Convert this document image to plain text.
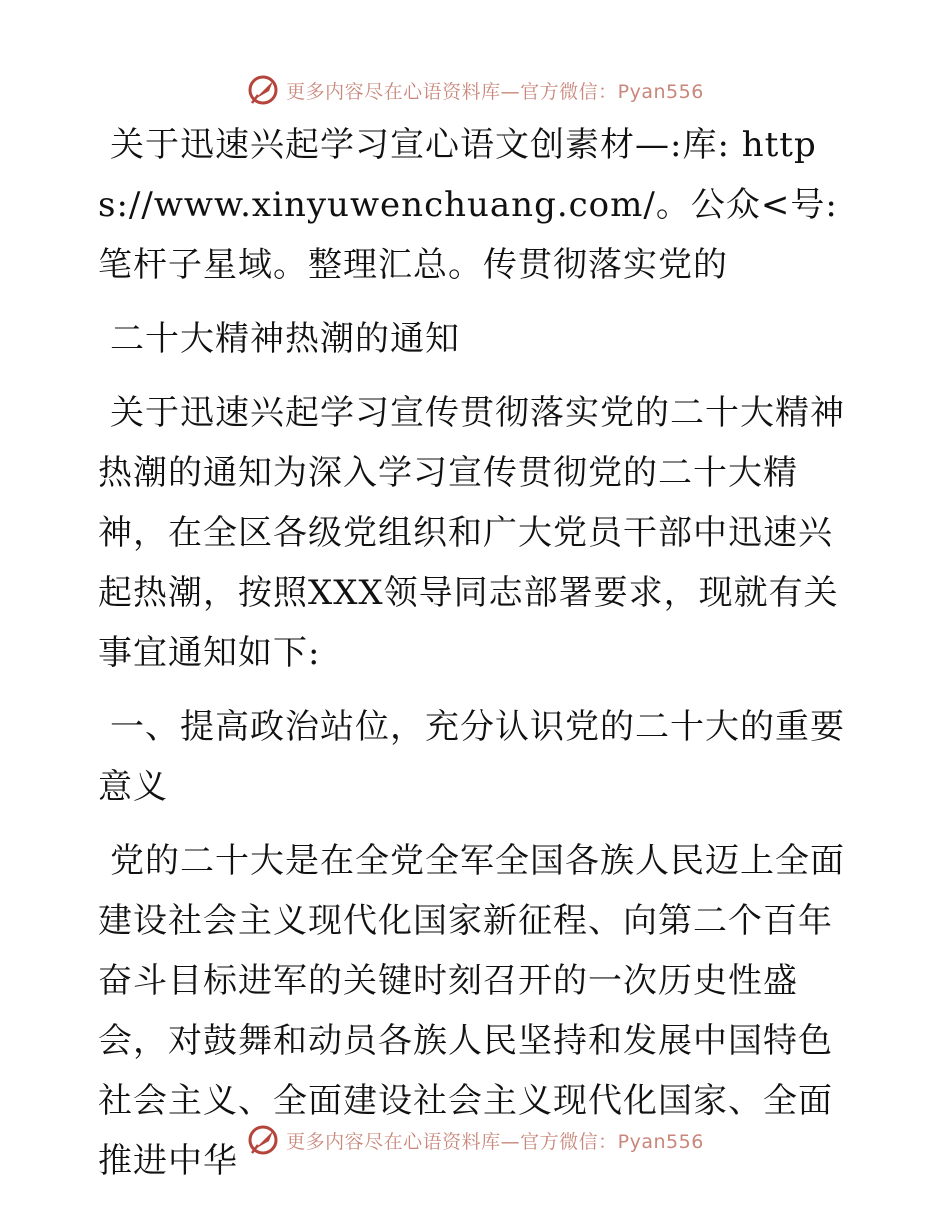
更多内容尽在心语资料库—官方微信：Pyan556

关于迅速兴起学习宣心语文创素材—:库: https://www.xinyuwenchuang.com/。公众<号: 笔杆子星域。整理汇总。传贯彻落实党的

二十大精神热潮的通知

关于迅速兴起学习宣传贯彻落实党的二十大精神热潮的通知为深入学习宣传贯彻党的二十大精神，在全区各级党组织和广大党员干部中迅速兴起热潮，按照XXX领导同志部署要求，现就有关事宜通知如下:

一、提高政治站位，充分认识党的二十大的重要意义

党的二十大是在全党全军全国各族人民迈上全面建设社会主义现代化国家新征程、向第二个百年奋斗目标进军的关键时刻召开的一次历史性盛会，对鼓舞和动员各族人民坚持和发展中国特色社会主义、全面建设社会主义现代化国家、全面推进中华	更多内容尽在心语资料库—官方微信：Pyan556
